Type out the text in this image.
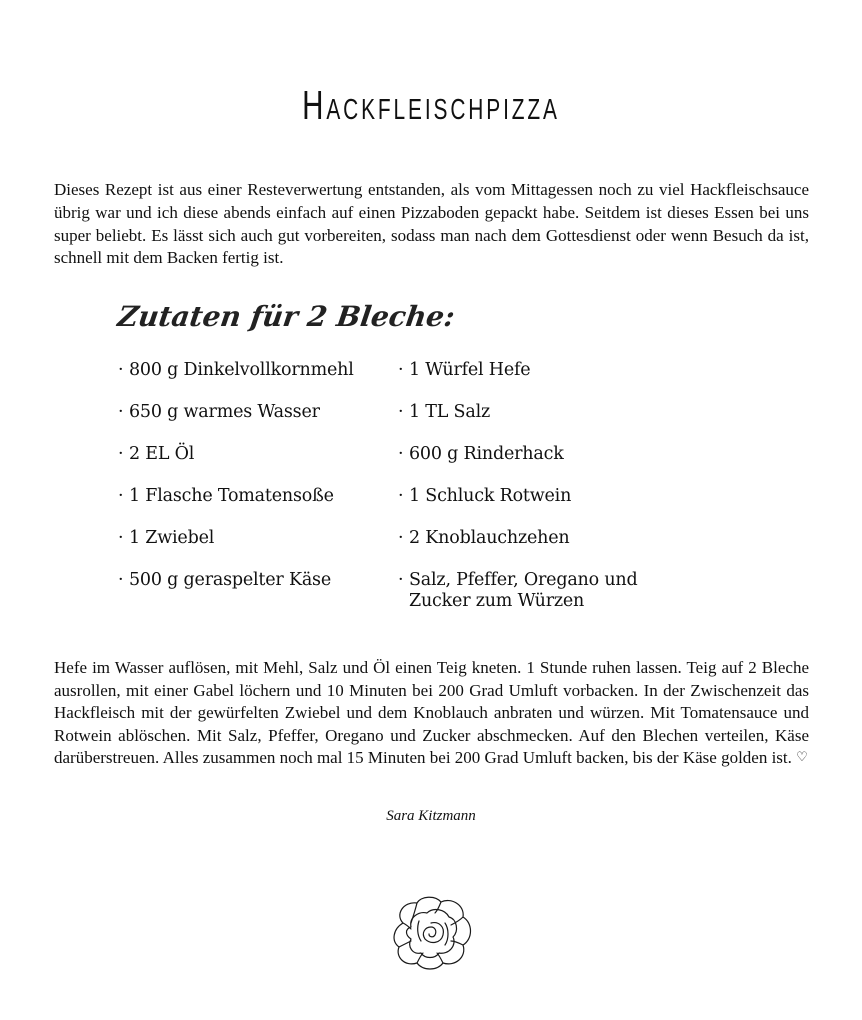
Hackfleischpizza

Dieses Rezept ist aus einer Resteverwertung entstanden, als vom Mittagessen noch zu viel Hackfleischsauce übrig war und ich diese abends einfach auf einen Pizzaboden gepackt habe. Seitdem ist dieses Essen bei uns super beliebt. Es lässt sich auch gut vorbereiten, sodass man nach dem Gottesdienst oder wenn Besuch da ist, schnell mit dem Backen fertig ist.

Zutaten für 2 Bleche:
· 800 g Dinkelvollkornmehl
· 650 g warmes Wasser
· 2 EL Öl
· 1 Flasche Tomatensoße
· 1 Zwiebel
· 500 g geraspelter Käse
· 1 Würfel Hefe
· 1 TL Salz
· 600 g Rinderhack
· 1 Schluck Rotwein
· 2 Knoblauchzehen
· Salz, Pfeffer, Oregano und Zucker zum Würzen

Hefe im Wasser auflösen, mit Mehl, Salz und Öl einen Teig kneten. 1 Stunde ruhen lassen. Teig auf 2 Bleche ausrollen, mit einer Gabel löchern und 10 Minuten bei 200 Grad Umluft vorbacken. In der Zwischenzeit das Hackfleisch mit der gewürfelten Zwiebel und dem Knoblauch anbraten und würzen. Mit Tomatensauce und Rotwein ablöschen. Mit Salz, Pfeffer, Oregano und Zucker abschmecken. Auf den Blechen verteilen, Käse darüberstreuen. Alles zusammen noch mal 15 Minuten bei 200 Grad Umluft backen, bis der Käse golden ist. ♡

Sara Kitzmann
